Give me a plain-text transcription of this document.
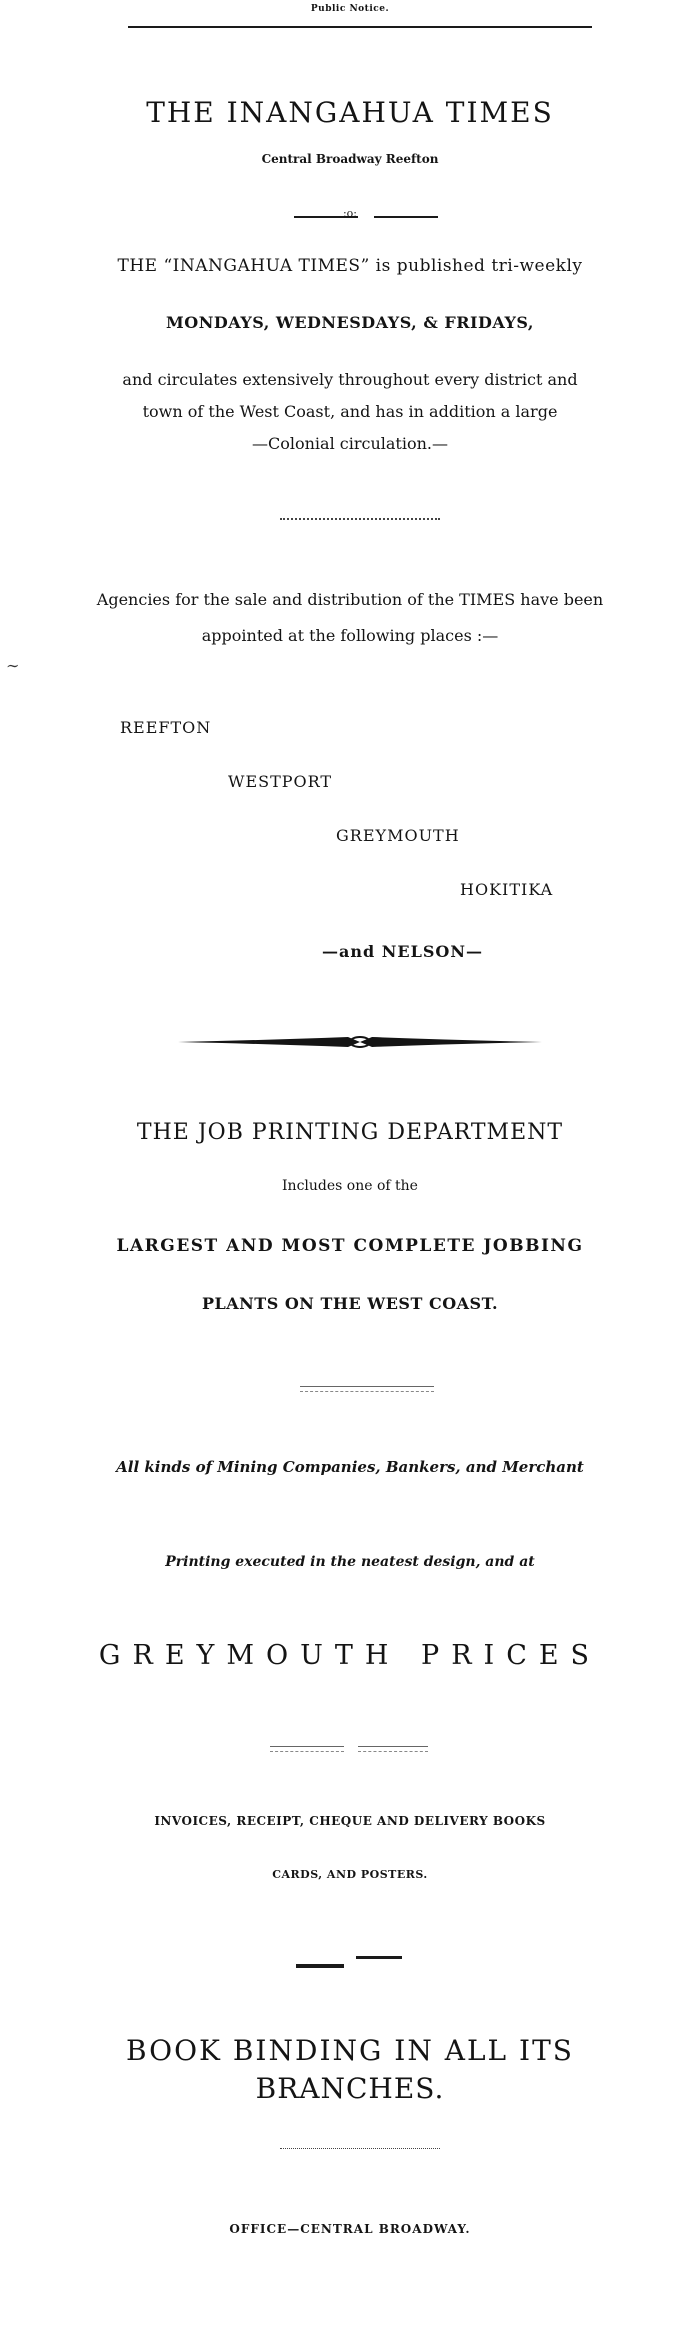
Public Notice.
THE INANGAHUA TIMES
Central Broadway Reefton
:o:
THE “INANGAHUA TIMES” is published tri-weekly
MONDAYS, WEDNESDAYS, & FRIDAYS,
and circulates extensively throughout every district and
town of the West Coast, and has in addition a large
—Colonial circulation.—
Agencies for the sale and distribution of the TIMES have been
appointed at the following places :—
REEFTON
WESTPORT
GREYMOUTH
HOKITIKA
—and NELSON—
THE JOB PRINTING DEPARTMENT
Includes one of the
LARGEST AND MOST COMPLETE JOBBING
PLANTS ON THE WEST COAST.
All kinds of Mining Companies, Bankers, and Merchant
Printing executed in the neatest design, and at
GREYMOUTH PRICES
INVOICES, RECEIPT, CHEQUE AND DELIVERY BOOKS
CARDS, AND POSTERS.
BOOK BINDING IN ALL ITS
BRANCHES.
OFFICE—CENTRAL BROADWAY.
∼
